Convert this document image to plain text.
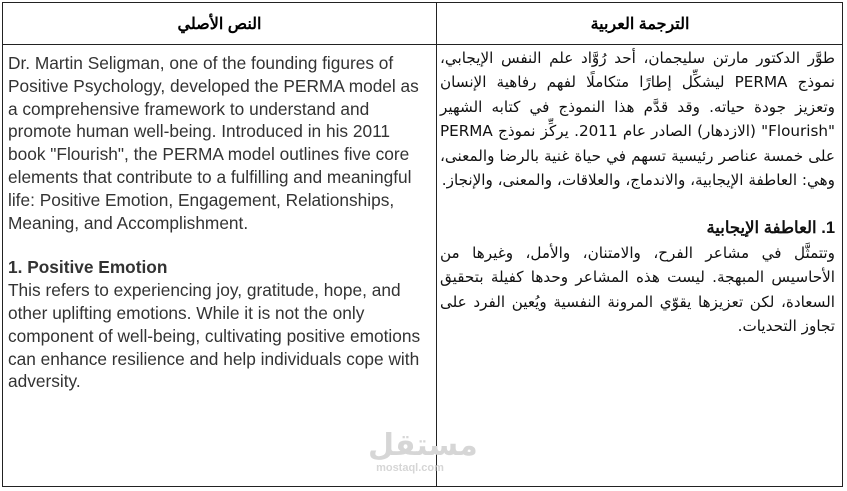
النص الأصلي	الترجمة العربية

Dr. Martin Seligman, one of the founding figures of Positive Psychology, developed the PERMA model as a comprehensive framework to understand and promote human well-being. Introduced in his 2011 book "Flourish", the PERMA model outlines five core elements that contribute to a fulfilling and meaningful life: Positive Emotion, Engagement, Relationships, Meaning, and Accomplishment.

1. Positive Emotion

This refers to experiencing joy, gratitude, hope, and other uplifting emotions. While it is not the only component of well-being, cultivating positive emotions can enhance resilience and help individuals cope with adversity.

طوَّر الدكتور مارتن سليجمان، أحد رُوَّاد علم النفس الإيجابي، نموذج PERMA ليشكِّل إطارًا متكاملًا لفهم رفاهية الإنسان وتعزيز جودة حياته. وقد قدَّم هذا النموذج في كتابه الشهير "Flourish" (الازدهار) الصادر عام 2011. يركِّز نموذج PERMA على خمسة عناصر رئيسية تسهم في حياة غنية بالرضا والمعنى، وهي: العاطفة الإيجابية، والاندماج، والعلاقات، والمعنى، والإنجاز.

1. العاطفة الإيجابية

وتتمثَّل في مشاعر الفرح، والامتنان، والأمل، وغيرها من الأحاسيس المبهجة. ليست هذه المشاعر وحدها كفيلة بتحقيق السعادة، لكن تعزيزها يقوّي المرونة النفسية ويُعين الفرد على تجاوز التحديات.

مستقل
mostaql.com
